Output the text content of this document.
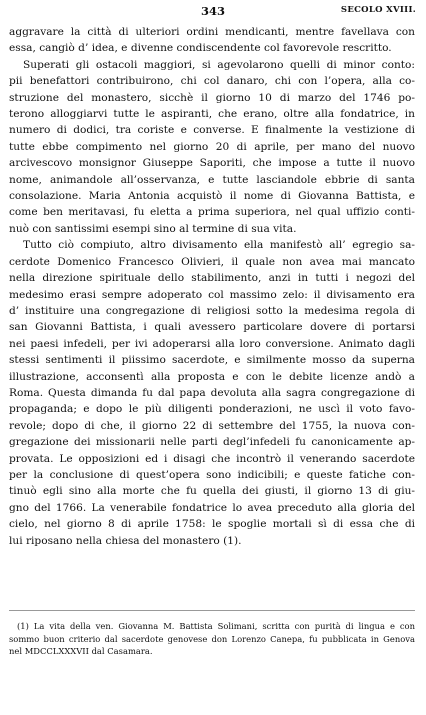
343	SECOLO XVIII.
aggravare la città di ulteriori ordini mendicanti, mentre favellava con
essa, cangiò d’ idea, e divenne condiscendente col favorevole rescritto.
Superati gli ostacoli maggiori, si agevolarono quelli di minor conto:
pii benefattori contribuirono, chi col danaro, chi con l’opera, alla co-
struzione del monastero, sicchè il giorno 10 di marzo del 1746 po-
terono alloggiarvi tutte le aspiranti, che erano, oltre alla fondatrice, in
numero di dodici, tra coriste e converse. E finalmente la vestizione di
tutte ebbe compimento nel giorno 20 di aprile, per mano del nuovo
arcivescovo monsignor Giuseppe Saporiti, che impose a tutte il nuovo
nome, animandole all’osservanza, e tutte lasciandole ebbrie di santa
consolazione. Maria Antonia acquistò il nome di Giovanna Battista, e
come ben meritavasi, fu eletta a prima superiora, nel qual uffizio conti-
nuò con santissimi esempi sino al termine di sua vita.
Tutto ciò compiuto, altro divisamento ella manifestò all’ egregio sa-
cerdote Domenico Francesco Olivieri, il quale non avea mai mancato
nella direzione spirituale dello stabilimento, anzi in tutti i negozi del
medesimo erasi sempre adoperato col massimo zelo: il divisamento era
d’ instituire una congregazione di religiosi sotto la medesima regola di
san Giovanni Battista, i quali avessero particolare dovere di portarsi
nei paesi infedeli, per ivi adoperarsi alla loro conversione. Animato dagli
stessi sentimenti il piissimo sacerdote, e similmente mosso da superna
illustrazione, acconsentì alla proposta e con le debite licenze andò a
Roma. Questa dimanda fu dal papa devoluta alla sagra congregazione di
propaganda; e dopo le più diligenti ponderazioni, ne uscì il voto favo-
revole; dopo di che, il giorno 22 di settembre del 1755, la nuova con-
gregazione dei missionarii nelle parti degl’infedeli fu canonicamente ap-
provata. Le opposizioni ed i disagi che incontrò il venerando sacerdote
per la conclusione di quest’opera sono indicibili; e queste fatiche con-
tinuò egli sino alla morte che fu quella dei giusti, il giorno 13 di giu-
gno del 1766. La venerabile fondatrice lo avea preceduto alla gloria del
cielo, nel giorno 8 di aprile 1758: le spoglie mortali sì di essa che di
lui riposano nella chiesa del monastero (1).
(1) La vita della ven. Giovanna M. Battista Solimani, scritta con purità di lingua e con
sommo buon criterio dal sacerdote genovese don Lorenzo Canepa, fu pubblicata in Genova
nel MDCCLXXXVII dal Casamara.
